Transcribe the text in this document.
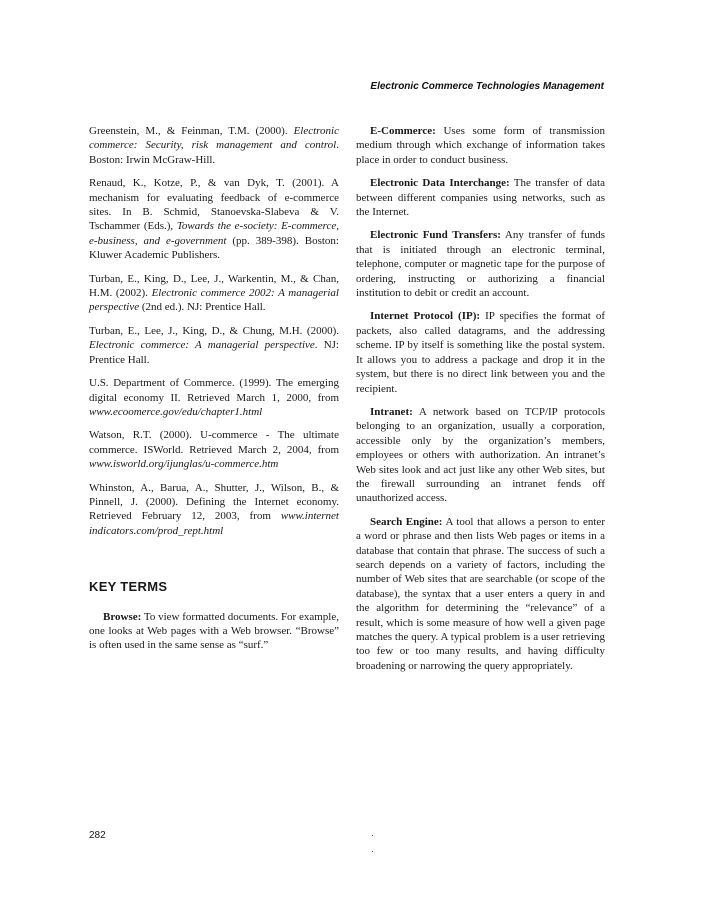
Electronic Commerce Technologies Management
Greenstein, M., & Feinman, T.M. (2000). Electronic commerce: Security, risk management and control. Boston: Irwin McGraw-Hill.
Renaud, K., Kotze, P., & van Dyk, T. (2001). A mechanism for evaluating feedback of e-commerce sites. In B. Schmid, Stanoevska-Slabeva & V. Tschammer (Eds.), Towards the e-society: E-commerce, e-business, and e-government (pp. 389-398). Boston: Kluwer Academic Publishers.
Turban, E., King, D., Lee, J., Warkentin, M., & Chan, H.M. (2002). Electronic commerce 2002: A managerial perspective (2nd ed.). NJ: Prentice Hall.
Turban, E., Lee, J., King, D., & Chung, M.H. (2000). Electronic commerce: A managerial perspective. NJ: Prentice Hall.
U.S. Department of Commerce. (1999). The emerging digital economy II. Retrieved March 1, 2000, from www.ecoomerce.gov/edu/chapter1.html
Watson, R.T. (2000). U-commerce - The ultimate commerce. ISWorld. Retrieved March 2, 2004, from www.isworld.org/ijunglas/u-commerce.htm
Whinston, A., Barua, A., Shutter, J., Wilson, B., & Pinnell, J. (2000). Defining the Internet economy. Retrieved February 12, 2003, from www.internet indicators.com/prod_rept.html
KEY TERMS
Browse: To view formatted documents. For example, one looks at Web pages with a Web browser. “Browse” is often used in the same sense as “surf.”
E-Commerce: Uses some form of transmission medium through which exchange of information takes place in order to conduct business.
Electronic Data Interchange: The transfer of data between different companies using networks, such as the Internet.
Electronic Fund Transfers: Any transfer of funds that is initiated through an electronic terminal, telephone, computer or magnetic tape for the purpose of ordering, instructing or authorizing a financial institution to debit or credit an account.
Internet Protocol (IP): IP specifies the format of packets, also called datagrams, and the addressing scheme. IP by itself is something like the postal system. It allows you to address a package and drop it in the system, but there is no direct link between you and the recipient.
Intranet: A network based on TCP/IP protocols belonging to an organization, usually a corporation, accessible only by the organization’s members, employees or others with authorization. An intranet’s Web sites look and act just like any other Web sites, but the firewall surrounding an intranet fends off unauthorized access.
Search Engine: A tool that allows a person to enter a word or phrase and then lists Web pages or items in a database that contain that phrase. The success of such a search depends on a variety of factors, including the number of Web sites that are searchable (or scope of the database), the syntax that a user enters a query in and the algorithm for determining the “relevance” of a result, which is some measure of how well a given page matches the query. A typical problem is a user retrieving too few or too many results, and having difficulty broadening or narrowing the query appropriately.
282
